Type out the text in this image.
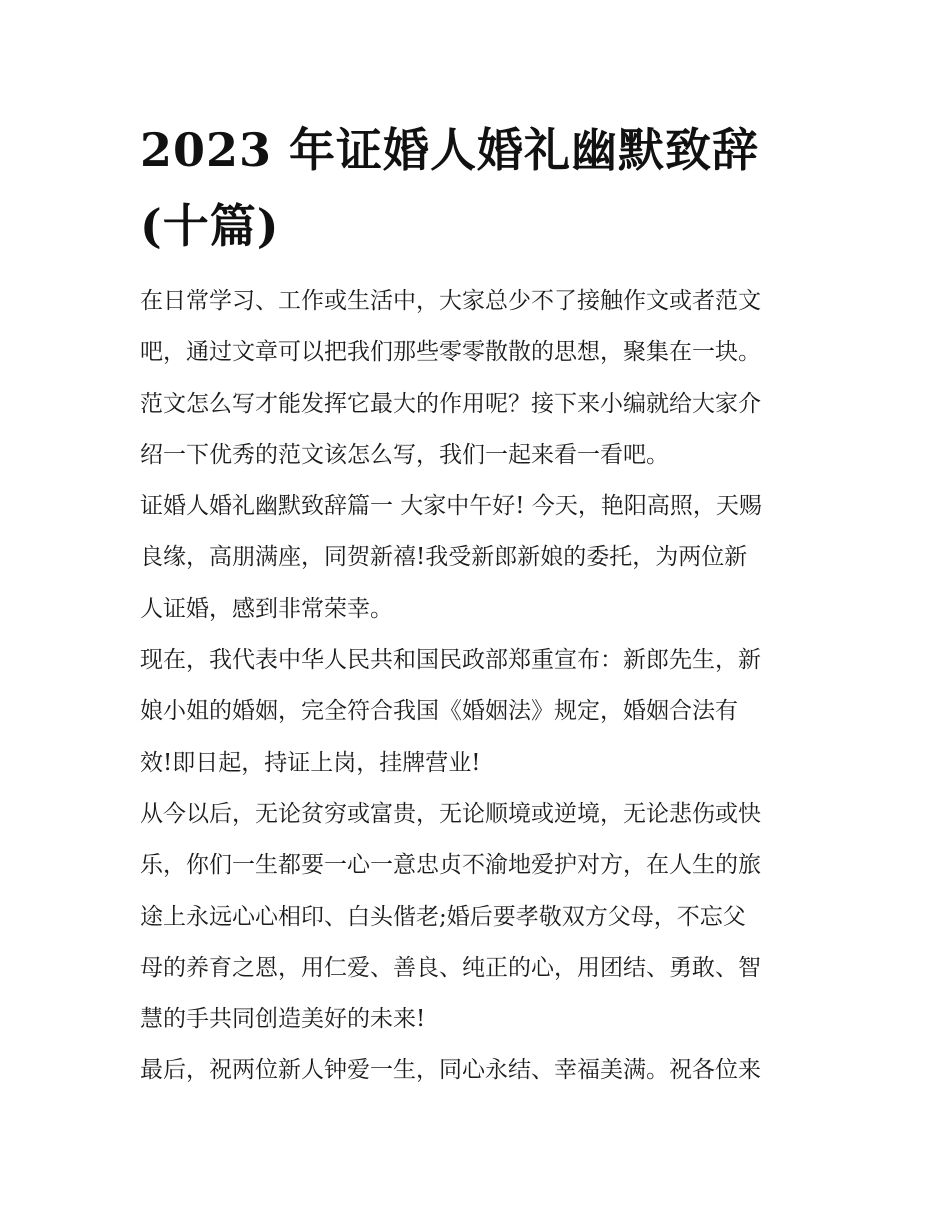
2023 年证婚人婚礼幽默致辞
(十篇)
在日常学习、工作或生活中，大家总少不了接触作文或者范文
吧，通过文章可以把我们那些零零散散的思想，聚集在一块。
范文怎么写才能发挥它最大的作用呢？接下来小编就给大家介
绍一下优秀的范文该怎么写，我们一起来看一看吧。
证婚人婚礼幽默致辞篇一 大家中午好! 今天，艳阳高照，天赐
良缘，高朋满座，同贺新禧!我受新郎新娘的委托，为两位新
人证婚，感到非常荣幸。
现在，我代表中华人民共和国民政部郑重宣布：新郎先生，新
娘小姐的婚姻，完全符合我国《婚姻法》规定，婚姻合法有
效!即日起，持证上岗，挂牌营业!
从今以后，无论贫穷或富贵，无论顺境或逆境，无论悲伤或快
乐，你们一生都要一心一意忠贞不渝地爱护对方，在人生的旅
途上永远心心相印、白头偕老;婚后要孝敬双方父母，不忘父
母的养育之恩，用仁爱、善良、纯正的心，用团结、勇敢、智
慧的手共同创造美好的未来!
最后，祝两位新人钟爱一生，同心永结、幸福美满。祝各位来
